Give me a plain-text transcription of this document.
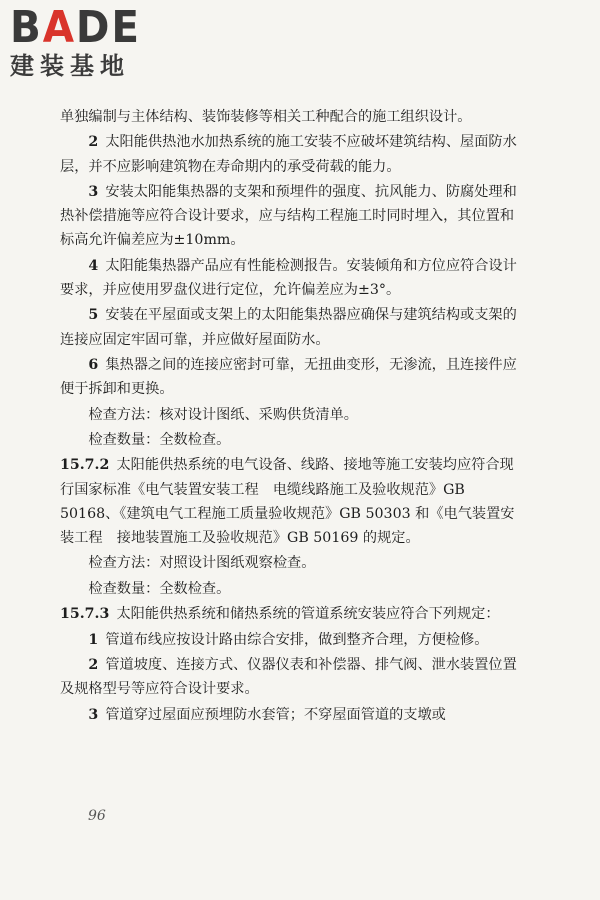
BADE
建装基地
单独编制与主体结构、装饰装修等相关工种配合的施工组织设计。
2  太阳能供热池水加热系统的施工安装不应破坏建筑结构、屋面防水层，并不应影响建筑物在寿命期内的承受荷载的能力。
3  安装太阳能集热器的支架和预埋件的强度、抗风能力、防腐处理和热补偿措施等应符合设计要求，应与结构工程施工时同时埋入，其位置和标高允许偏差应为±10mm。
4  太阳能集热器产品应有性能检测报告。安装倾角和方位应符合设计要求，并应使用罗盘仪进行定位，允许偏差应为±3°。
5  安装在平屋面或支架上的太阳能集热器应确保与建筑结构或支架的连接应固定牢固可靠，并应做好屋面防水。
6  集热器之间的连接应密封可靠，无扭曲变形，无渗流，且连接件应便于拆卸和更换。
检查方法：核对设计图纸、采购供货清单。
检查数量：全数检查。
15.7.2  太阳能供热系统的电气设备、线路、接地等施工安装均应符合现行国家标准《电气装置安装工程　电缆线路施工及验收规范》GB 50168、《建筑电气工程施工质量验收规范》GB 50303 和《电气装置安装工程　接地装置施工及验收规范》GB 50169 的规定。
检查方法：对照设计图纸观察检查。
检查数量：全数检查。
15.7.3  太阳能供热系统和储热系统的管道系统安装应符合下列规定：
1  管道布线应按设计路由综合安排，做到整齐合理，方便检修。
2  管道坡度、连接方式、仪器仪表和补偿器、排气阀、泄水装置位置及规格型号等应符合设计要求。
3  管道穿过屋面应预埋防水套管；不穿屋面管道的支墩或
96
